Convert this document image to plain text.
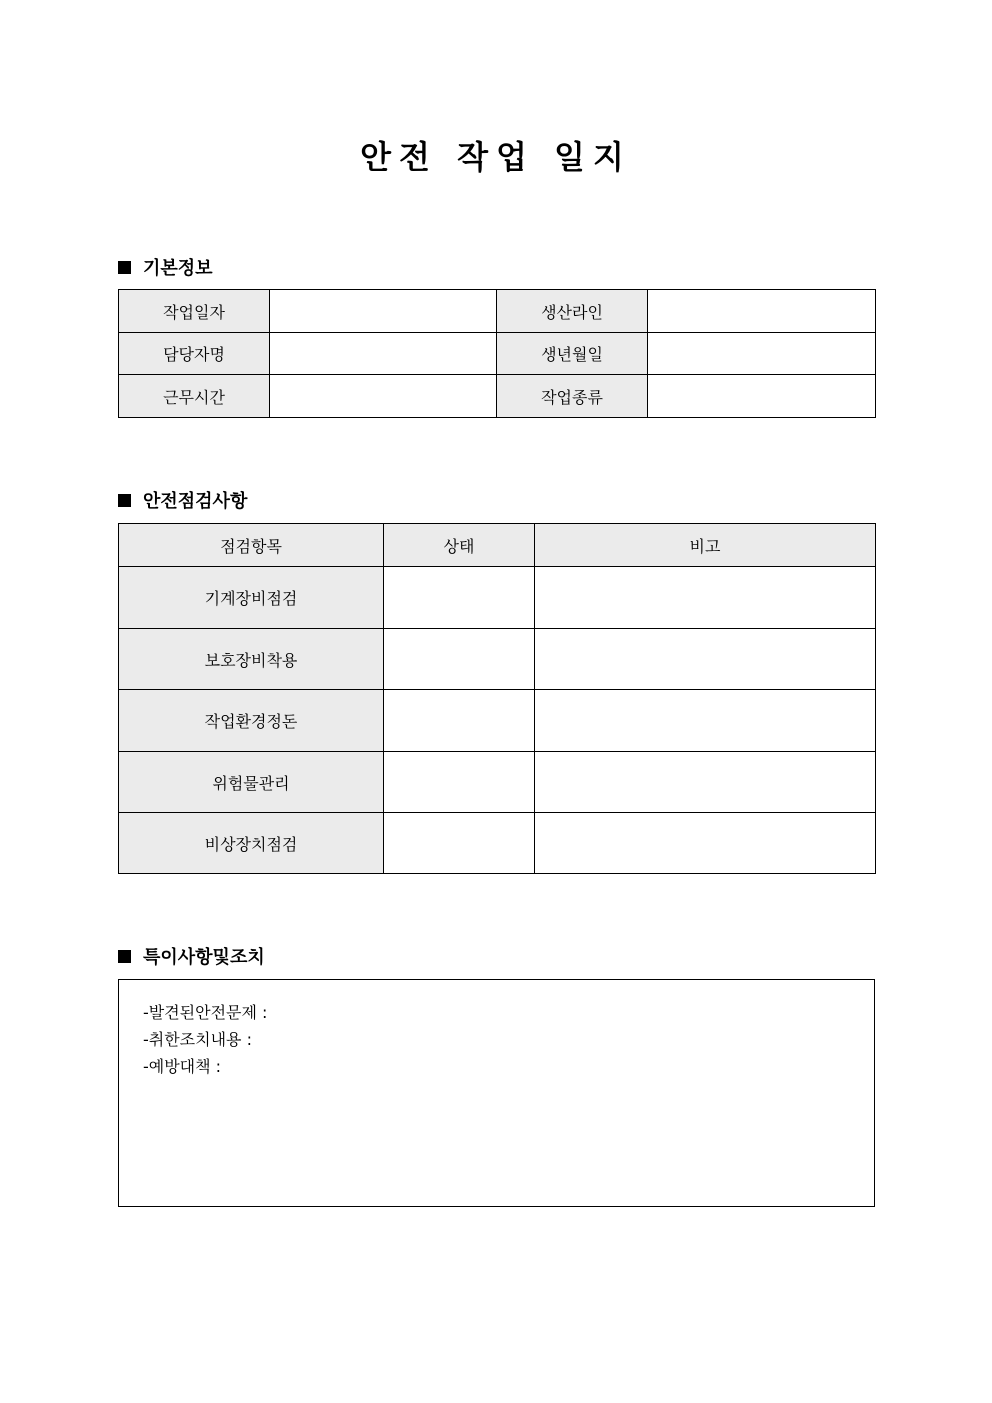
안전 작업 일지
기본정보
작업일자		생산라인	
담당자명		생년월일	
근무시간		작업종류	
안전점검사항
점검항목	상태	비고
기계장비점검		
보호장비착용		
작업환경정돈		
위험물관리		
비상장치점검		
특이사항및조치
-발견된안전문제 :
-취한조치내용 :
-예방대책 :
